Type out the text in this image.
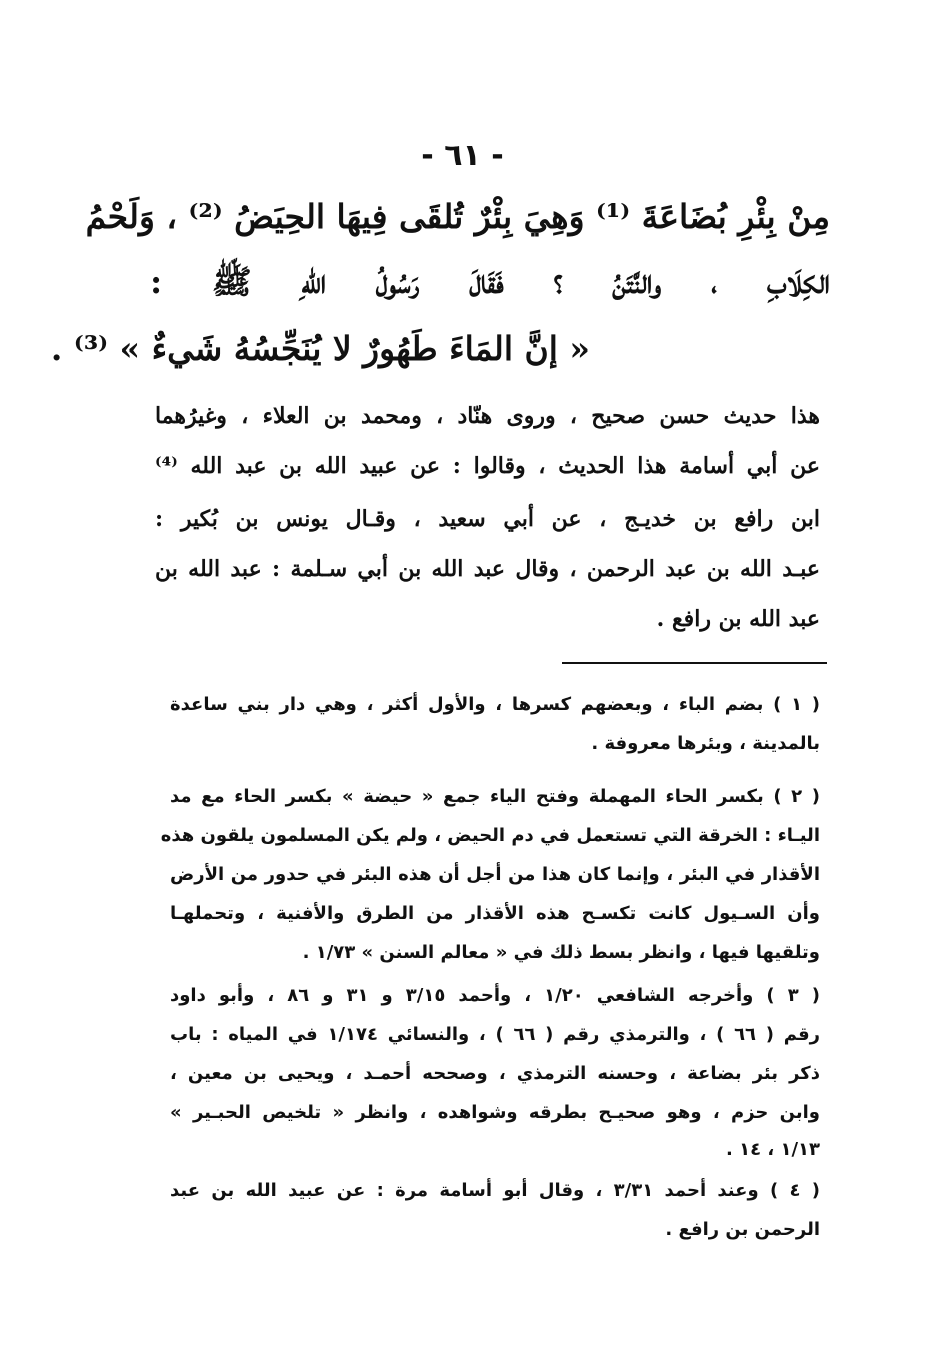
- ٦١ -
مِنْ بِئْرِ بُضَاعَةَ ⁽¹⁾ وَهِيَ بِئْرٌ تُلقَى فِيهَا الحِيَضُ ⁽²⁾ ، وَلَحْمُ
الكِلَابِ ، والنَّتَنُ ؟ فَقَالَ رَسُولُ اللهِ ﷺ :
« إنَّ المَاءَ طَهُورٌ لا يُنَجِّسُهُ شَيءٌ » ⁽³⁾ .
هذا حديث حسن صحيح ، وروى هنّاد ، ومحمد بن العلاء ، وغيرُهما
عن أبي أسامة هذا الحديث ، وقالوا : عن عبيد الله بن عبد الله ⁽⁴⁾
ابن رافع بن خديـج ، عن أبي سعيد ، وقـال يونس بن بُكير :
عبـد الله بن عبد الرحمن ، وقال عبد الله بن أبي سـلمة : عبد الله بن
عبد الله بن رافع .
( ١ ) بضم الباء ، وبعضهم كسرها ، والأول أكثر ، وهي دار بني ساعدة
بالمدينة ، وبئرها معروفة .
( ٢ ) بكسر الحاء المهملة وفتح الياء جمع « حيضة » بكسر الحاء مع مد
اليـاء : الخرقة التي تستعمل في دم الحيض ، ولم يكن المسلمون يلقون هذه
الأقذار في البئر ، وإنما كان هذا من أجل أن هذه البئر في حدور من الأرض
وأن السـيول كانت تكسـح هذه الأقذار من الطرق والأفنية ، وتحملهـا
وتلقيها فيها ، وانظر بسط ذلك في « معالم السنن » ١/٧٣ .
( ٣ ) وأخرجه الشافعي ١/٢٠ ، وأحمد ٣/١٥ و ٣١ و ٨٦ ، وأبو داود
رقم ( ٦٦ ) ، والترمذي رقم ( ٦٦ ) ، والنسائي ١/١٧٤ في المياه : باب
ذكر بئر بضاعة ، وحسنه الترمذي ، وصححه أحمـد ، ويحيى بن معين ،
وابن حزم ، وهو صحيـح بطرقه وشواهده ، وانظر « تلخيص الحبـير »
١/١٣ ، ١٤ .
( ٤ ) وعند أحمد ٣/٣١ ، وقال أبو أسامة مرة : عن عبيد الله بن عبد
الرحمن بن رافع .
